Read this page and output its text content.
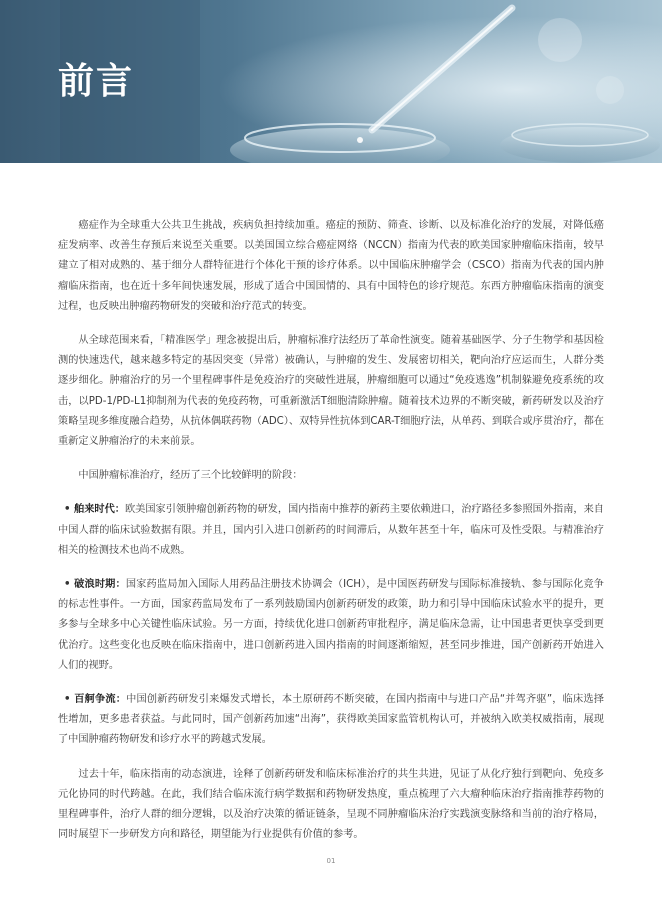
前言

癌症作为全球重大公共卫生挑战，疾病负担持续加重。癌症的预防、筛查、诊断、以及标准化治疗的发展，对降低癌症发病率、改善生存预后来说至关重要。以美国国立综合癌症网络（NCCN）指南为代表的欧美国家肿瘤临床指南，较早建立了相对成熟的、基于细分人群特征进行个体化干预的诊疗体系。以中国临床肿瘤学会（CSCO）指南为代表的国内肿瘤临床指南，也在近十多年间快速发展，形成了适合中国国情的、具有中国特色的诊疗规范。东西方肿瘤临床指南的演变过程，也反映出肿瘤药物研发的突破和治疗范式的转变。

从全球范围来看，「精准医学」理念被提出后，肿瘤标准疗法经历了革命性演变。随着基础医学、分子生物学和基因检测的快速迭代，越来越多特定的基因突变（异常）被确认，与肿瘤的发生、发展密切相关，靶向治疗应运而生，人群分类逐步细化。肿瘤治疗的另一个里程碑事件是免疫治疗的突破性进展，肿瘤细胞可以通过“免疫逃逸”机制躲避免疫系统的攻击，以PD-1/PD-L1抑制剂为代表的免疫药物，可重新激活T细胞清除肿瘤。随着技术边界的不断突破，新药研发以及治疗策略呈现多维度融合趋势，从抗体偶联药物（ADC）、双特异性抗体到CAR-T细胞疗法，从单药、到联合或序贯治疗，都在重新定义肿瘤治疗的未来前景。

中国肿瘤标准治疗，经历了三个比较鲜明的阶段：

• 舶来时代：欧美国家引领肿瘤创新药物的研发，国内指南中推荐的新药主要依赖进口，治疗路径多参照国外指南，来自中国人群的临床试验数据有限。并且，国内引入进口创新药的时间滞后，从数年甚至十年，临床可及性受限。与精准治疗相关的检测技术也尚不成熟。

• 破浪时期：国家药监局加入国际人用药品注册技术协调会（ICH），是中国医药研发与国际标准接轨、参与国际化竞争的标志性事件。一方面，国家药监局发布了一系列鼓励国内创新药研发的政策，助力和引导中国临床试验水平的提升，更多参与全球多中心关键性临床试验。另一方面，持续优化进口创新药审批程序，满足临床急需，让中国患者更快享受到更优治疗。这些变化也反映在临床指南中，进口创新药进入国内指南的时间逐渐缩短，甚至同步推进，国产创新药开始进入人们的视野。

• 百舸争流：中国创新药研发引来爆发式增长，本土原研药不断突破，在国内指南中与进口产品“并驾齐驱”，临床选择性增加，更多患者获益。与此同时，国产创新药加速“出海”，获得欧美国家监管机构认可，并被纳入欧美权威指南，展现了中国肿瘤药物研发和诊疗水平的跨越式发展。

过去十年，临床指南的动态演进，诠释了创新药研发和临床标准治疗的共生共进，见证了从化疗独行到靶向、免疫多元化协同的时代跨越。在此，我们结合临床流行病学数据和药物研发热度，重点梳理了六大瘤种临床治疗指南推荐药物的里程碑事件，治疗人群的细分逻辑，以及治疗决策的循证链条，呈现不同肿瘤临床治疗实践演变脉络和当前的治疗格局，同时展望下一步研发方向和路径，期望能为行业提供有价值的参考。

01
